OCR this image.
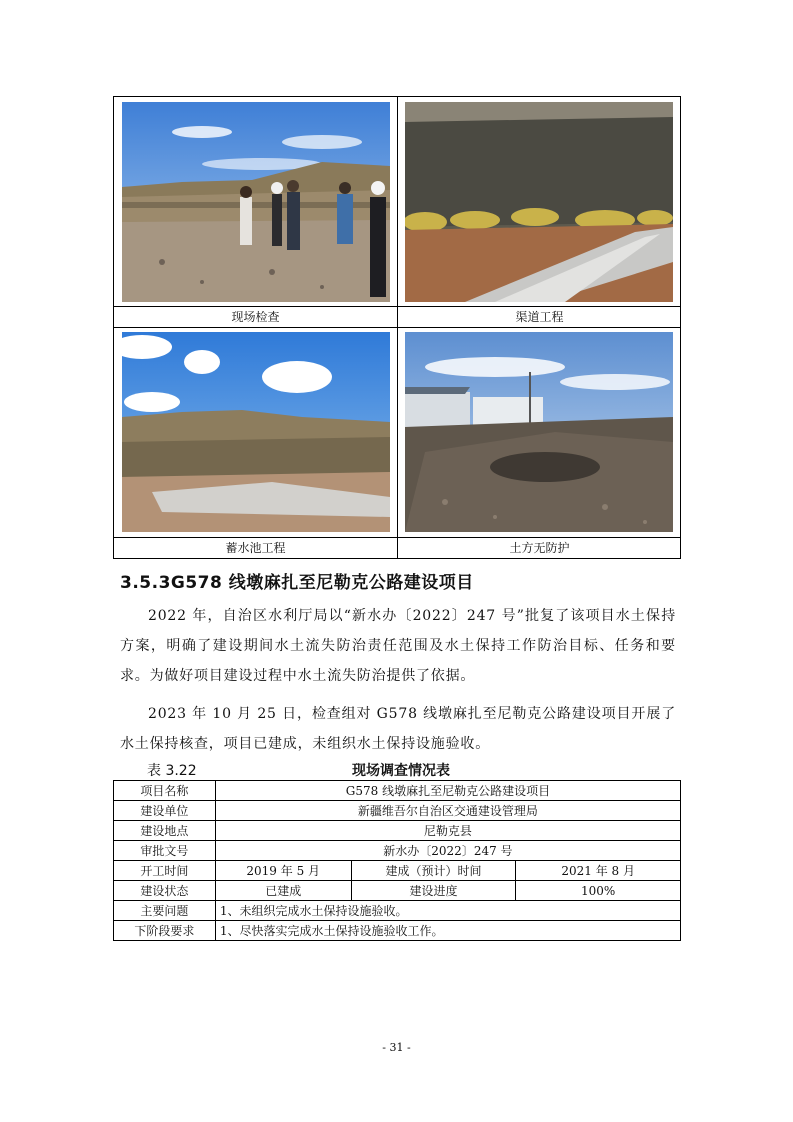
现场检查	渠道工程
蓄水池工程	土方无防护
3.5.3G578 线墩麻扎至尼勒克公路建设项目
2022 年，自治区水利厅局以“新水办〔2022〕247 号”批复了该项目水土保持方案，明确了建设期间水土流失防治责任范围及水土保持工作防治目标、任务和要求。为做好项目建设过程中水土流失防治提供了依据。
2023 年 10 月 25 日，检查组对 G578 线墩麻扎至尼勒克公路建设项目开展了水土保持核查，项目已建成，未组织水土保持设施验收。
表 3.22	现场调查情况表
项目名称	G578 线墩麻扎至尼勒克公路建设项目		
建设单位	新疆维吾尔自治区交通建设管理局		
建设地点	尼勒克县		
审批文号	新水办〔2022〕247 号		
开工时间	2019 年 5 月	建成（预计）时间	2021 年 8 月
建设状态	已建成	建设进度	100%
主要问题	1、未组织完成水土保持设施验收。		
下阶段要求	1、尽快落实完成水土保持设施验收工作。		
- 31 -
